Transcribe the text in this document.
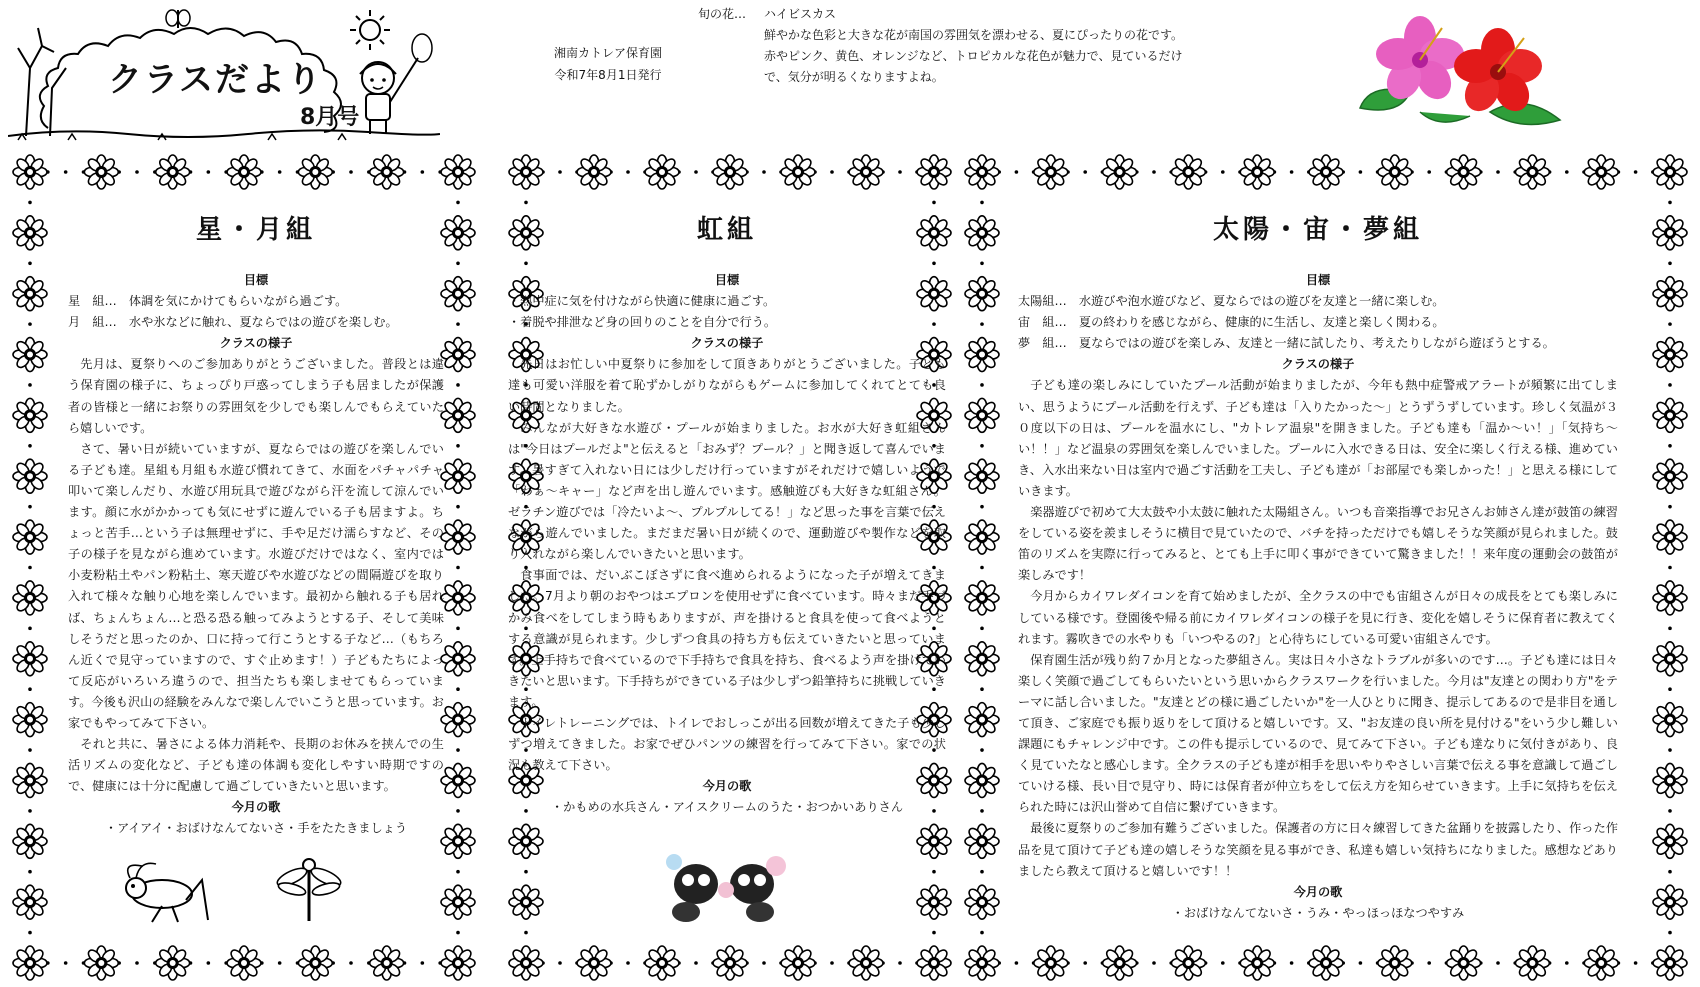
クラスだより
8月号
湘南カトレア保育園
令和7年8月1日発行
旬の花… ハイビスカス
鮮やかな色彩と大きな花が南国の雰囲気を漂わせる、夏にぴったりの花です。
赤やピンク、黄色、オレンジなど、トロピカルな花色が魅力で、見ているだけ
で、気分が明るくなりますよね。
星・月組
目標
星　組…　体調を気にかけてもらいながら過ごす。
月　組…　水や氷などに触れ、夏ならではの遊びを楽しむ。
クラスの様子

先月は、夏祭りへのご参加ありがとうございました。普段とは違う保育園の様子に、ちょっぴり戸惑ってしまう子も居ましたが保護者の皆様と一緒にお祭りの雰囲気を少しでも楽しんでもらえていたら嬉しいです。

さて、暑い日が続いていますが、夏ならではの遊びを楽しんでいる子ども達。星組も月組も水遊び慣れてきて、水面をパチャパチャ叩いて楽しんだり、水遊び用玩具で遊びながら汗を流して涼んでいます。顔に水がかかっても気にせずに遊んでいる子も居ますよ。ちょっと苦手…という子は無理せずに、手や足だけ濡らすなど、その子の様子を見ながら進めています。水遊びだけではなく、室内では小麦粉粘土やパン粉粘土、寒天遊びや水遊びなどの間隔遊びを取り入れて様々な触り心地を楽しんでいます。最初から触れる子も居れば、ちょんちょん…と恐る恐る触ってみようとする子、そして美味しそうだと思ったのか、口に持って行こうとする子など…（もちろん近くで見守っていますので、すぐ止めます！）子どもたちによって反応がいろいろ違うので、担当たちも楽しませてもらっています。今後も沢山の経験をみんなで楽しんでいこうと思っています。お家でもやってみて下さい。

それと共に、暑さによる体力消耗や、長期のお休みを挟んでの生活リズムの変化など、子ども達の体調も変化しやすい時期ですので、健康には十分に配慮して過ごしていきたいと思います。

今月の歌
・アイアイ・おばけなんてないさ・手をたたきましょう
虹組
目標
・熱中症に気を付けながら快適に健康に過ごす。
・着脱や排泄など身の回りのことを自分で行う。
クラスの様子

先日はお忙しい中夏祭りに参加をして頂きありがとうございました。子ども達も可愛い洋服を着て恥ずかしがりながらもゲームに参加してくれてとても良い時間となりました。

みんなが大好きな水遊び・プールが始まりました。お水が大好き虹組さんは"今日はプールだよ"と伝えると「おみず？プール？」と聞き返して喜んでいます。暑すぎて入れない日には少しだけ行っていますがそれだけで嬉しいようで「わぁ～キャー」など声を出し遊んでいます。感触遊びも大好きな虹組さん。ゼラチン遊びでは「冷たいよ～、プルプルしてる！」など思った事を言葉で伝えながら遊んでいました。まだまだ暑い日が続くので、運動遊びや製作などを取り入れながら楽しんでいきたいと思います。

食事面では、だいぶこぼさずに食べ進められるようになった子が増えてきました。7月より朝のおやつはエプロンを使用せずに食べています。時々まだ手づかみ食べをしてしまう時もありますが、声を掛けると食具を使って食べようとする意識が見られます。少しずつ食具の持ち方も伝えていきたいと思っています。上手持ちで食べているので下手持ちで食具を持ち、食べるよう声を掛けていきたいと思います。下手持ちができている子は少しずつ鉛筆持ちに挑戦していきます。

トイレトレーニングでは、トイレでおしっこが出る回数が増えてきた子も少しずつ増えてきました。お家でぜひパンツの練習を行ってみて下さい。家での状況も教えて下さい。

今月の歌
・かもめの水兵さん・アイスクリームのうた・おつかいありさん
太陽・宙・夢組
目標
太陽組…　水遊びや泡水遊びなど、夏ならではの遊びを友達と一緒に楽しむ。
宙　組…　夏の終わりを感じながら、健康的に生活し、友達と楽しく関わる。
夢　組…　夏ならではの遊びを楽しみ、友達と一緒に試したり、考えたりしながら遊ぼうとする。
クラスの様子

子ども達の楽しみにしていたプール活動が始まりましたが、今年も熱中症警戒アラートが頻繁に出てしまい、思うようにプール活動を行えず、子ども達は「入りたかった～」とうずうずしています。珍しく気温が３０度以下の日は、プールを温水にし、"カトレア温泉"を開きました。子ども達も「温か～い！」「気持ち～い！！」など温泉の雰囲気を楽しんでいました。プールに入水できる日は、安全に楽しく行える様、進めていき、入水出来ない日は室内で過ごす活動を工夫し、子ども達が「お部屋でも楽しかった！」と思える様にしていきます。

楽器遊びで初めて大太鼓や小太鼓に触れた太陽組さん。いつも音楽指導でお兄さんお姉さん達が鼓笛の練習をしている姿を羨ましそうに横目で見ていたので、バチを持っただけでも嬉しそうな笑顔が見られました。鼓笛のリズムを実際に行ってみると、とても上手に叩く事ができていて驚きました！！来年度の運動会の鼓笛が楽しみです！

今月からカイワレダイコンを育て始めましたが、全クラスの中でも宙組さんが日々の成長をとても楽しみにしている様です。登園後や帰る前にカイワレダイコンの様子を見に行き、変化を嬉しそうに保育者に教えてくれます。霧吹きでの水やりも「いつやるの?」と心待ちにしている可愛い宙組さんです。

保育園生活が残り約７か月となった夢組さん。実は日々小さなトラブルが多いのです…。子ども達には日々楽しく笑顔で過ごしてもらいたいという思いからクラスワークを行いました。今月は"友達との関わり方"をテーマに話し合いました。"友達とどの様に過ごしたいか"を一人ひとりに聞き、提示してあるので是非目を通して頂き、ご家庭でも振り返りをして頂けると嬉しいです。又、"お友達の良い所を見付ける"をいう少し難しい課題にもチャレンジ中です。この件も提示しているので、見てみて下さい。子ども達なりに気付きがあり、良く見ていたなと感心します。全クラスの子ども達が相手を思いやりやさしい言葉で伝える事を意識して過ごしていける様、長い目で見守り、時には保育者が仲立ちをして伝え方を知らせていきます。上手に気持ちを伝えられた時には沢山誉めて自信に繋げていきます。

最後に夏祭りのご参加有難うございました。保護者の方に日々練習してきた盆踊りを披露したり、作った作品を見て頂けて子ども達の嬉しそうな笑顔を見る事ができ、私達も嬉しい気持ちになりました。感想などありましたら教えて頂けると嬉しいです！！

今月の歌
・おばけなんてないさ・うみ・やっほっほなつやすみ
